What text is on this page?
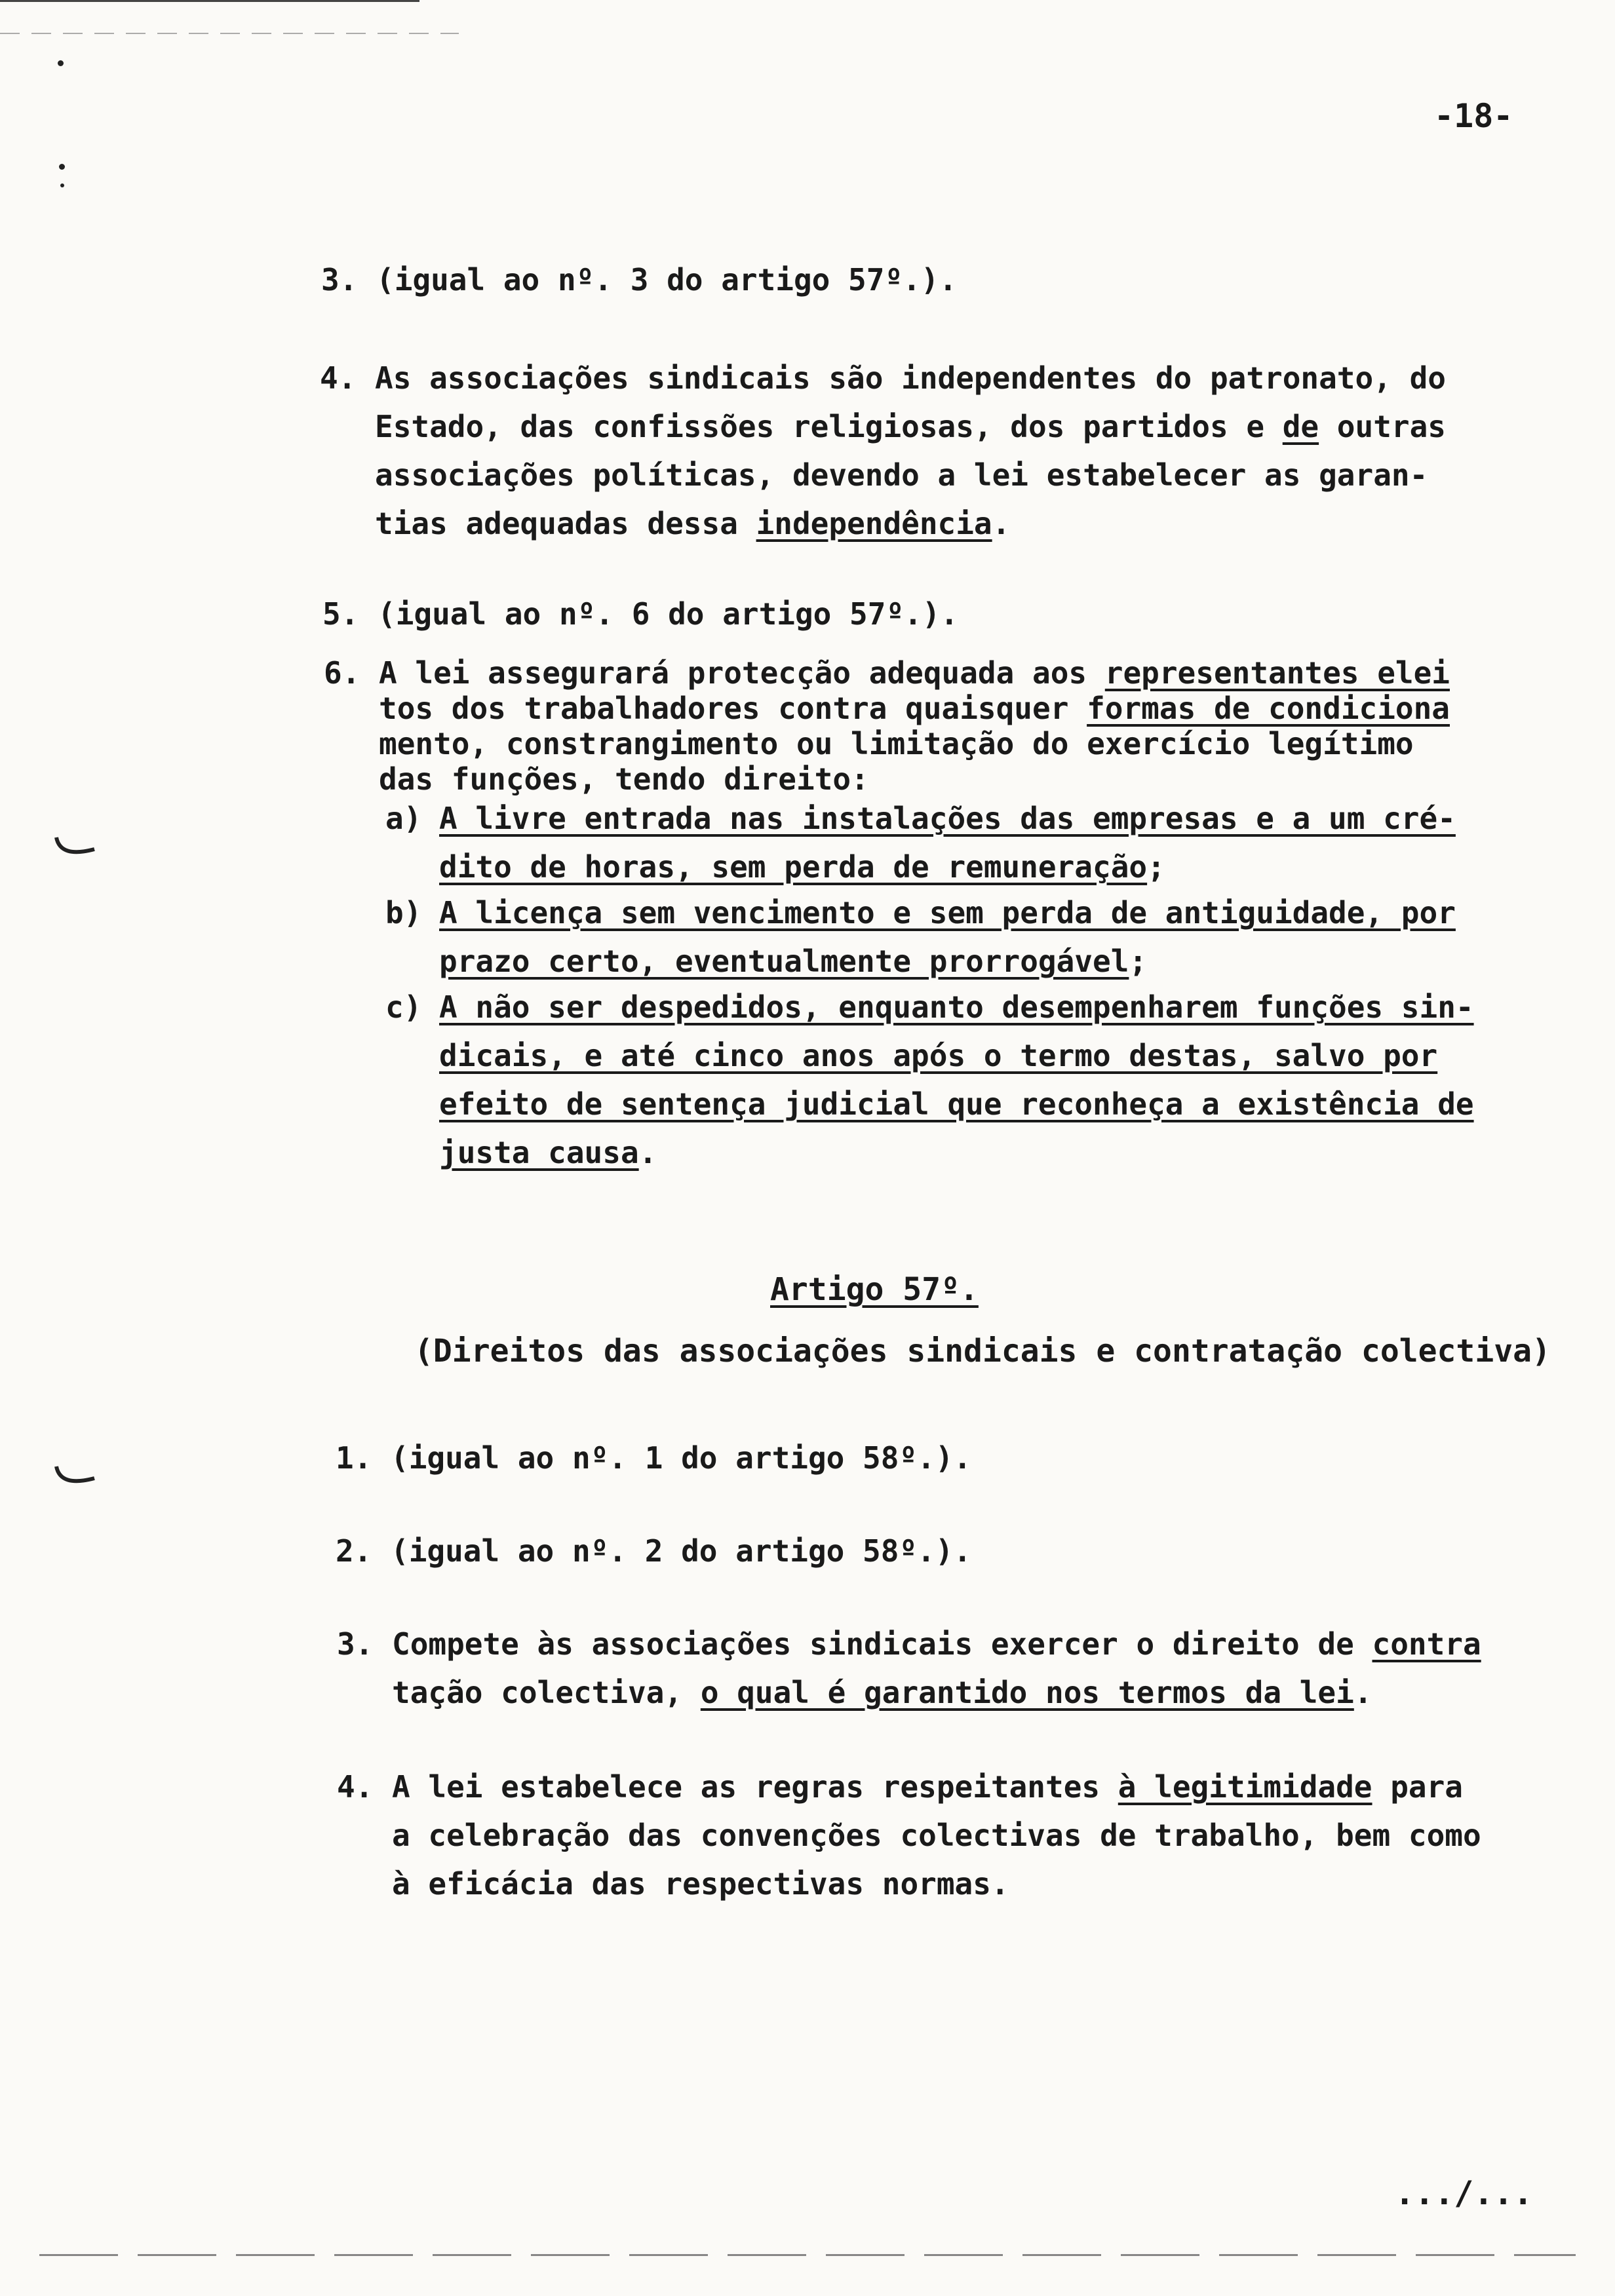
-18-
3. (igual ao nº. 3 do artigo 57º.).
4. As associações sindicais são independentes do patronato, do
Estado, das confissões religiosas, dos partidos e de outras
associações políticas, devendo a lei estabelecer as garan-
tias adequadas dessa independência.
5. (igual ao nº. 6 do artigo 57º.).
6. A lei assegurará protecção adequada aos representantes elei
tos dos trabalhadores contra quaisquer formas de condiciona
mento, constrangimento ou limitação do exercício legítimo
das funções, tendo direito:
a) A livre entrada nas instalações das empresas e a um cré-
dito de horas, sem perda de remuneração;
b) A licença sem vencimento e sem perda de antiguidade, por
prazo certo, eventualmente prorrogável;
c) A não ser despedidos, enquanto desempenharem funções sin-
dicais, e até cinco anos após o termo destas, salvo por
efeito de sentença judicial que reconheça a existência de
justa causa.
Artigo 57º.
(Direitos das associações sindicais e contratação colectiva)
1. (igual ao nº. 1 do artigo 58º.).
2. (igual ao nº. 2 do artigo 58º.).
3. Compete às associações sindicais exercer o direito de contra
tação colectiva, o qual é garantido nos termos da lei.
4. A lei estabelece as regras respeitantes à legitimidade para
a celebração das convenções colectivas de trabalho, bem como
à eficácia das respectivas normas.
.../...
